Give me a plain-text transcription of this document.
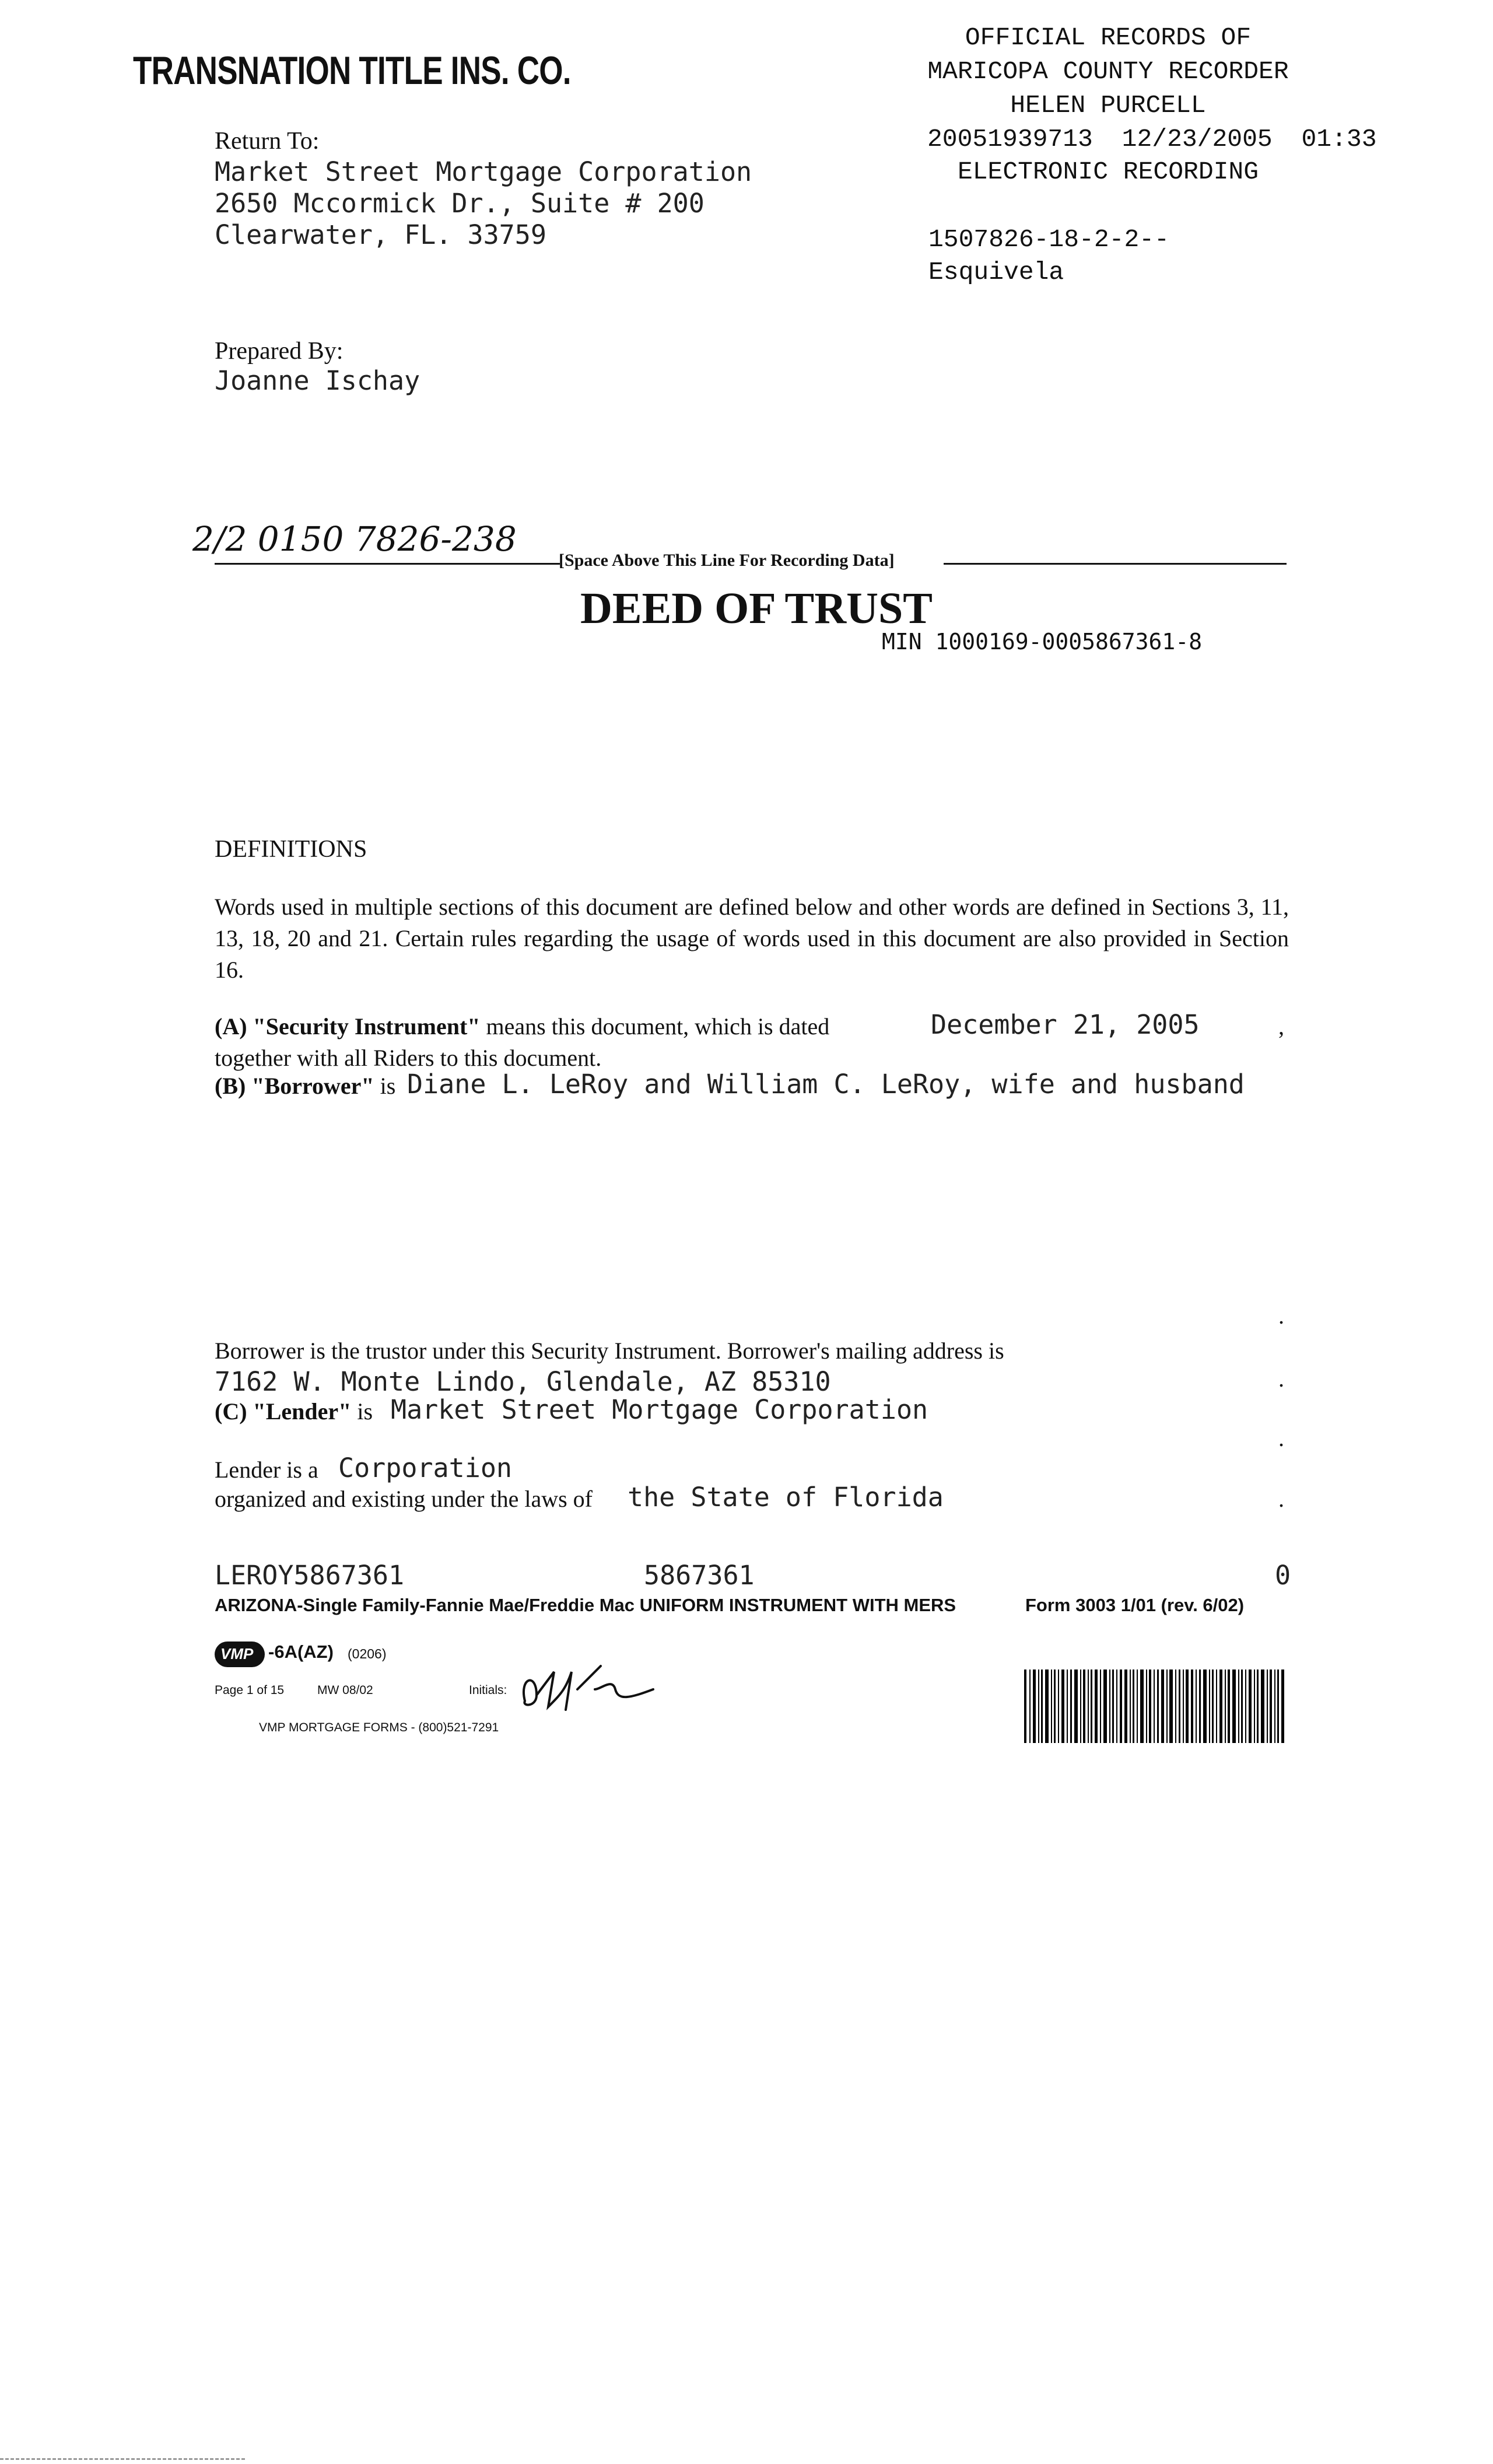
TRANSNATION TITLE INS. CO.
Return To:
Market Street Mortgage Corporation
2650 Mccormick Dr., Suite # 200
Clearwater, FL. 33759
Prepared By:
Joanne Ischay
OFFICIAL RECORDS OF
MARICOPA COUNTY RECORDER
HELEN PURCELL
20051939713 12/23/2005 01:33
ELECTRONIC RECORDING
1507826-18-2-2--
Esquivela
2/2 0150 7826-238
[Space Above This Line For Recording Data]
DEED OF TRUST
MIN 1000169-0005867361-8
DEFINITIONS
Words used in multiple sections of this document are defined below and other words are defined in Sections 3, 11, 13, 18, 20 and 21. Certain rules regarding the usage of words used in this document are also provided in Section 16.
(A) "Security Instrument" means this document, which is dated	December 21, 2005	,
together with all Riders to this document.
(B) "Borrower" is Diane L. LeRoy and William C. LeRoy, wife and husband
.
Borrower is the trustor under this Security Instrument. Borrower's mailing address is
7162 W. Monte Lindo, Glendale, AZ 85310	.
(C) "Lender" is Market Street Mortgage Corporation
.
Lender is a Corporation
organized and existing under the laws of the State of Florida	.
LEROY5867361	5867361	0
ARIZONA-Single Family-Fannie Mae/Freddie Mac UNIFORM INSTRUMENT WITH MERS	Form 3003 1/01 (rev. 6/02)
VMP -6A(AZ) (0206)
Page 1 of 15	MW 08/02	Initials:
VMP MORTGAGE FORMS - (800)521-7291
